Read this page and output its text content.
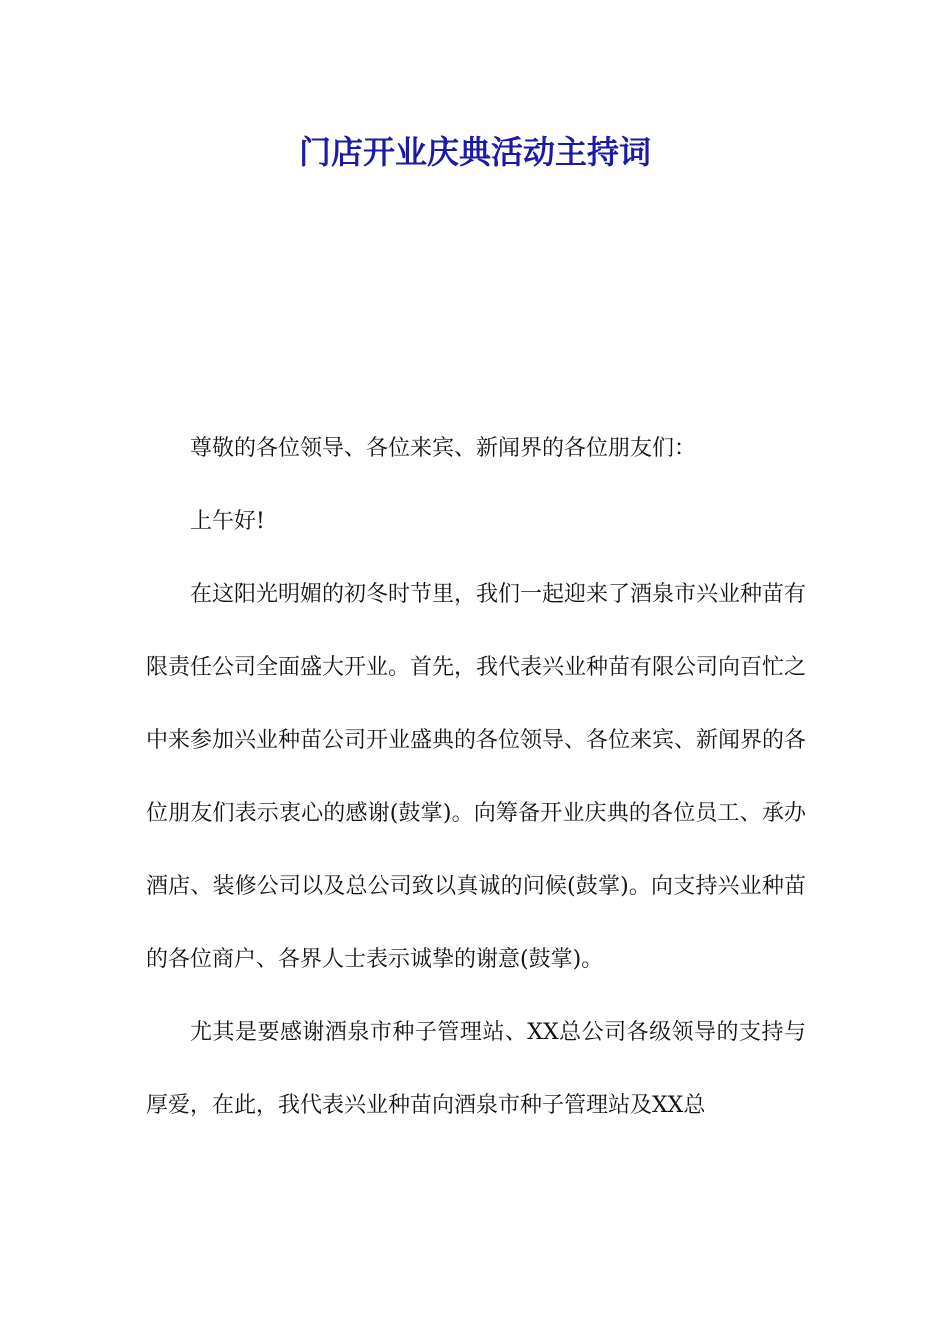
门店开业庆典活动主持词

尊敬的各位领导、各位来宾、新闻界的各位朋友们：

上午好!

在这阳光明媚的初冬时节里，我们一起迎来了酒泉市兴业种苗有限责任公司全面盛大开业。首先，我代表兴业种苗有限公司向百忙之中来参加兴业种苗公司开业盛典的各位领导、各位来宾、新闻界的各位朋友们表示衷心的感谢(鼓掌)。向筹备开业庆典的各位员工、承办酒店、装修公司以及总公司致以真诚的问候(鼓掌)。向支持兴业种苗的各位商户、各界人士表示诚挚的谢意(鼓掌)。

尤其是要感谢酒泉市种子管理站、XX总公司各级领导的支持与厚爱，在此，我代表兴业种苗向酒泉市种子管理站及XX总
